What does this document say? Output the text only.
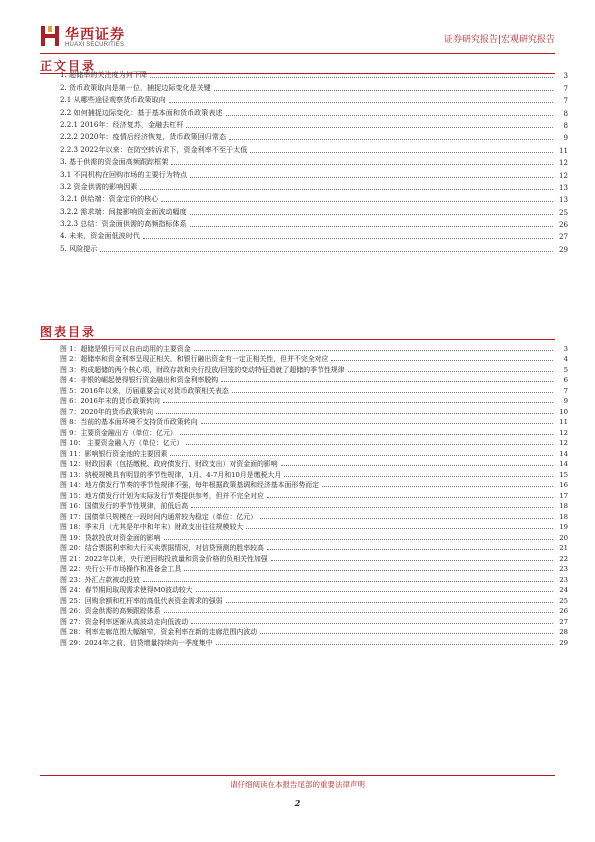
华西证券
HUAXI SECURITIES	证券研究报告|宏观研究报告
正文目录
1. 超储率的关注度为何下降	3
2. 货币政策取向是第一位，捕捉边际变化是关键	7
2.1 从哪些途径观察货币政策取向	7
2.2 如何捕捉边际变化：基于基本面和货币政策表述	8
2.2.1 2016年：经济复苏，金融去杠杆	8
2.2.2 2020年：疫情后经济恢复，货币政策回归常态	9
2.2.3 2022年以来：在防空转诉求下，资金利率不至于太低	11
3. 基于供需的资金面高频跟踪框架	12
3.1 不同机构在回购市场的主要行为特点	12
3.2 资金供需的影响因素	13
3.2.1 供给端：资金定价的核心	13
3.2.2 需求端：间接影响资金面波动幅度	25
3.2.3 总结：资金面供需的高频指标体系	26
4. 未来，资金面低波时代	27
5. 风险提示	29
图表目录
图 1：超储是银行可以自由动用的主要资金	3
图 2：超储率和资金利率呈现正相关，和银行融出资金有一定正相关性，但并不完全对应	4
图 3：构成超储的两个核心项，财政存款和央行投放/回笼的变动特征造就了超储的季节性规律	5
图 4：非银的崛起使得银行资金融出和资金利率脱钩	6
图 5：2016年以来，历届重要会议对货币政策相关表态	7
图 6：2016年末的货币政策转向	9
图 7：2020年的货币政策转向	10
图 8：当前的基本面环境不支持货币政策转向	11
图 9：主要资金融出方（单位：亿元）	12
图 10： 主要资金融入方（单位：亿元）	12
图 11：影响银行资金池的主要因素	14
图 12：财政因素（包括缴税、政府债发行、财政支出）对资金面的影响	14
图 13：纳税规模具有明显的季节性规律，1月、4-7月和10月是缴税大月	15
图 14：地方债发行节奏的季节性规律不强，每年根据政策基调和经济基本面形势而定	16
图 15：地方债发行计划为实际发行节奏提供参考，但并不完全对应	17
图 16：国债发行的季节性规律，前低后高	18
图 17：国债单只规模在一段时间内通常较为稳定（单位：亿元）	18
图 18：季末月（尤其是年中和年末）财政支出往往规模较大	19
图 19：贷款投放对资金面的影响	20
图 20：结合票据利率和大行买卖票据情况，对信贷预测的胜率较高	21
图 21：2022年以来，央行逆回购投放量和资金价格的负相关性加强	22
图 22：央行公开市场操作和准备金工具	23
图 23：外汇占款被动投放	23
图 24：春节期间取现需求使得M0波动较大	24
图 25：回购余额和杠杆率的高低代表资金需求的强弱	25
图 26：资金供需的高频跟踪体系	26
图 27：资金利率逐渐从高波动走向低波动	27
图 28：利率走廊范围大幅缩窄，资金利率在新的走廊范围内波动	28
图 29：2024年之前，信贷增量持续向一季度集中	29
请仔细阅读在本报告尾部的重要法律声明
2
